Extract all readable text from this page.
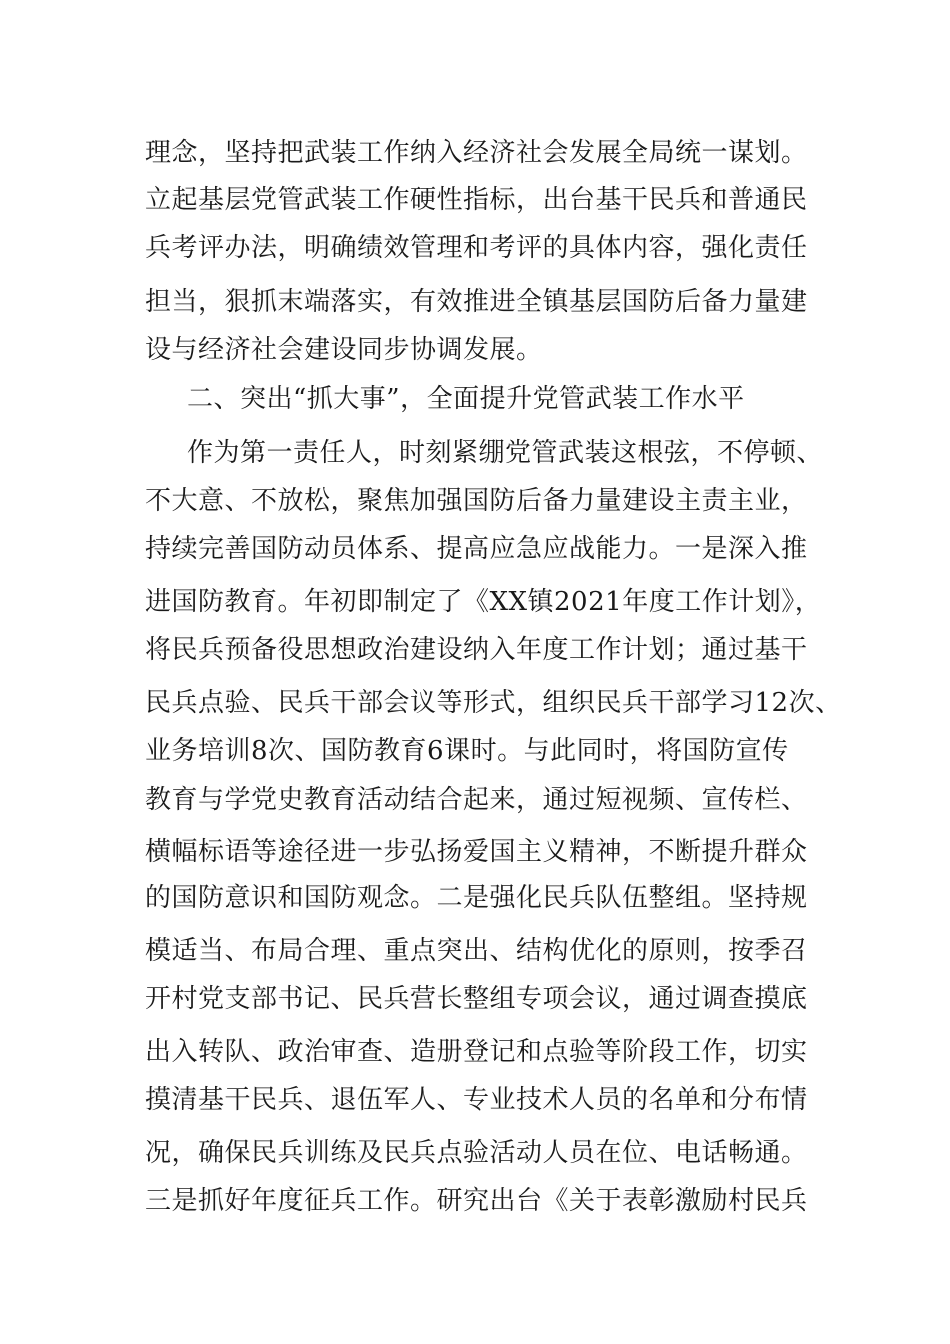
理念，坚持把武装工作纳入经济社会发展全局统一谋划。
立起基层党管武装工作硬性指标，出台基干民兵和普通民
兵考评办法，明确绩效管理和考评的具体内容，强化责任
担当，狠抓末端落实，有效推进全镇基层国防后备力量建
设与经济社会建设同步协调发展。
二、突出“抓大事”，全面提升党管武装工作水平
作为第一责任人，时刻紧绷党管武装这根弦，不停顿、
不大意、不放松，聚焦加强国防后备力量建设主责主业，
持续完善国防动员体系、提高应急应战能力。一是深入推
进国防教育。年初即制定了《XX镇2021年度工作计划》，
将民兵预备役思想政治建设纳入年度工作计划；通过基干
民兵点验、民兵干部会议等形式，组织民兵干部学习12次、
业务培训8次、国防教育6课时。与此同时，将国防宣传
教育与学党史教育活动结合起来，通过短视频、宣传栏、
横幅标语等途径进一步弘扬爱国主义精神，不断提升群众
的国防意识和国防观念。二是强化民兵队伍整组。坚持规
模适当、布局合理、重点突出、结构优化的原则，按季召
开村党支部书记、民兵营长整组专项会议，通过调查摸底
出入转队、政治审查、造册登记和点验等阶段工作，切实
摸清基干民兵、退伍军人、专业技术人员的名单和分布情
况，确保民兵训练及民兵点验活动人员在位、电话畅通。
三是抓好年度征兵工作。研究出台《关于表彰激励村民兵
